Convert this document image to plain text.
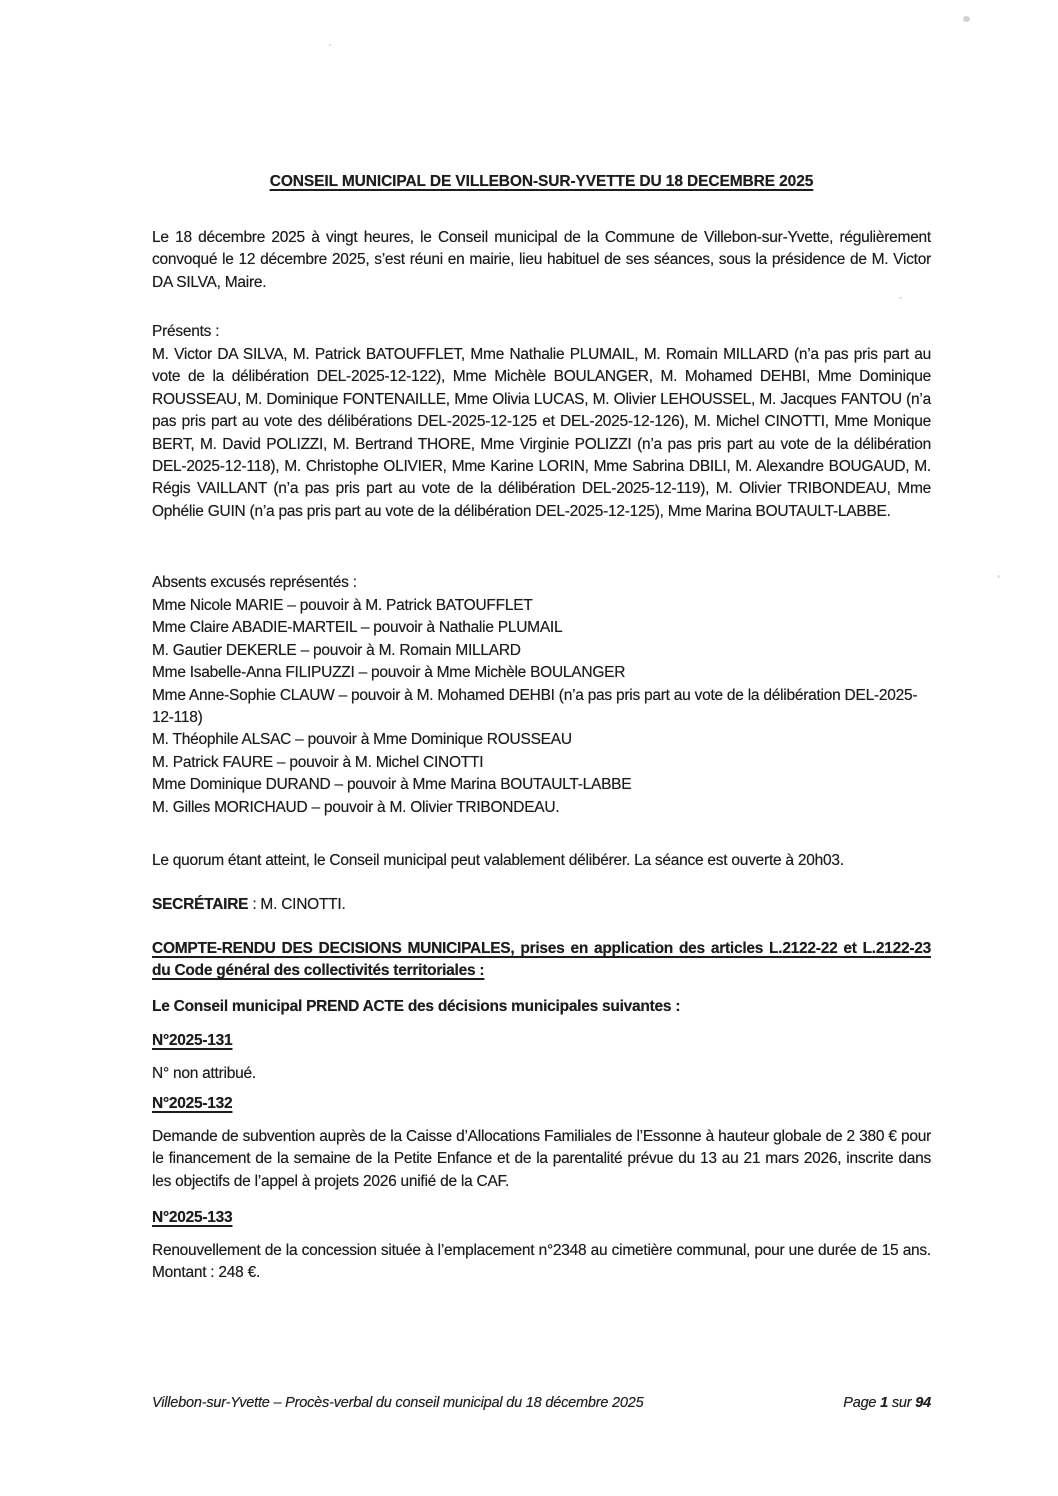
CONSEIL MUNICIPAL DE VILLEBON-SUR-YVETTE DU 18 DECEMBRE 2025

Le 18 décembre 2025 à vingt heures, le Conseil municipal de la Commune de Villebon-sur-Yvette, régulièrement convoqué le 12 décembre 2025, s’est réuni en mairie, lieu habituel de ses séances, sous la présidence de M. Victor DA SILVA, Maire.

Présents :

M. Victor DA SILVA, M. Patrick BATOUFFLET, Mme Nathalie PLUMAIL, M. Romain MILLARD (n’a pas pris part au vote de la délibération DEL-2025-12-122), Mme Michèle BOULANGER, M. Mohamed DEHBI, Mme Dominique ROUSSEAU, M. Dominique FONTENAILLE, Mme Olivia LUCAS, M. Olivier LEHOUSSEL, M. Jacques FANTOU (n’a pas pris part au vote des délibérations DEL-2025-12-125 et DEL-2025-12-126), M. Michel CINOTTI, Mme Monique BERT, M. David POLIZZI, M. Bertrand THORE, Mme Virginie POLIZZI (n’a pas pris part au vote de la délibération DEL-2025-12-118), M. Christophe OLIVIER, Mme Karine LORIN, Mme Sabrina DBILI, M. Alexandre BOUGAUD, M. Régis VAILLANT (n’a pas pris part au vote de la délibération DEL-2025-12-119), M. Olivier TRIBONDEAU, Mme Ophélie GUIN (n’a pas pris part au vote de la délibération DEL-2025-12-125), Mme Marina BOUTAULT-LABBE.

Absents excusés représentés :

Mme Nicole MARIE – pouvoir à M. Patrick BATOUFFLET
Mme Claire ABADIE-MARTEIL – pouvoir à Nathalie PLUMAIL
M. Gautier DEKERLE – pouvoir à M. Romain MILLARD
Mme Isabelle-Anna FILIPUZZI – pouvoir à Mme Michèle BOULANGER
Mme Anne-Sophie CLAUW – pouvoir à M. Mohamed DEHBI (n’a pas pris part au vote de la délibération DEL-2025-12-118)
M. Théophile ALSAC – pouvoir à Mme Dominique ROUSSEAU
M. Patrick FAURE – pouvoir à M. Michel CINOTTI
Mme Dominique DURAND – pouvoir à Mme Marina BOUTAULT-LABBE
M. Gilles MORICHAUD – pouvoir à M. Olivier TRIBONDEAU.

Le quorum étant atteint, le Conseil municipal peut valablement délibérer. La séance est ouverte à 20h03.

SECRÉTAIRE : M. CINOTTI.

COMPTE-RENDU DES DECISIONS MUNICIPALES, prises en application des articles L.2122-22 et L.2122-23 du Code général des collectivités territoriales :

Le Conseil municipal PREND ACTE des décisions municipales suivantes :

N°2025-131

N° non attribué.

N°2025-132

Demande de subvention auprès de la Caisse d’Allocations Familiales de l’Essonne à hauteur globale de 2 380 € pour le financement de la semaine de la Petite Enfance et de la parentalité prévue du 13 au 21 mars 2026, inscrite dans les objectifs de l’appel à projets 2026 unifié de la CAF.

N°2025-133

Renouvellement de la concession située à l’emplacement n°2348 au cimetière communal, pour une durée de 15 ans. Montant : 248 €.

Villebon-sur-Yvette – Procès-verbal du conseil municipal du 18 décembre 2025	Page 1 sur 94
